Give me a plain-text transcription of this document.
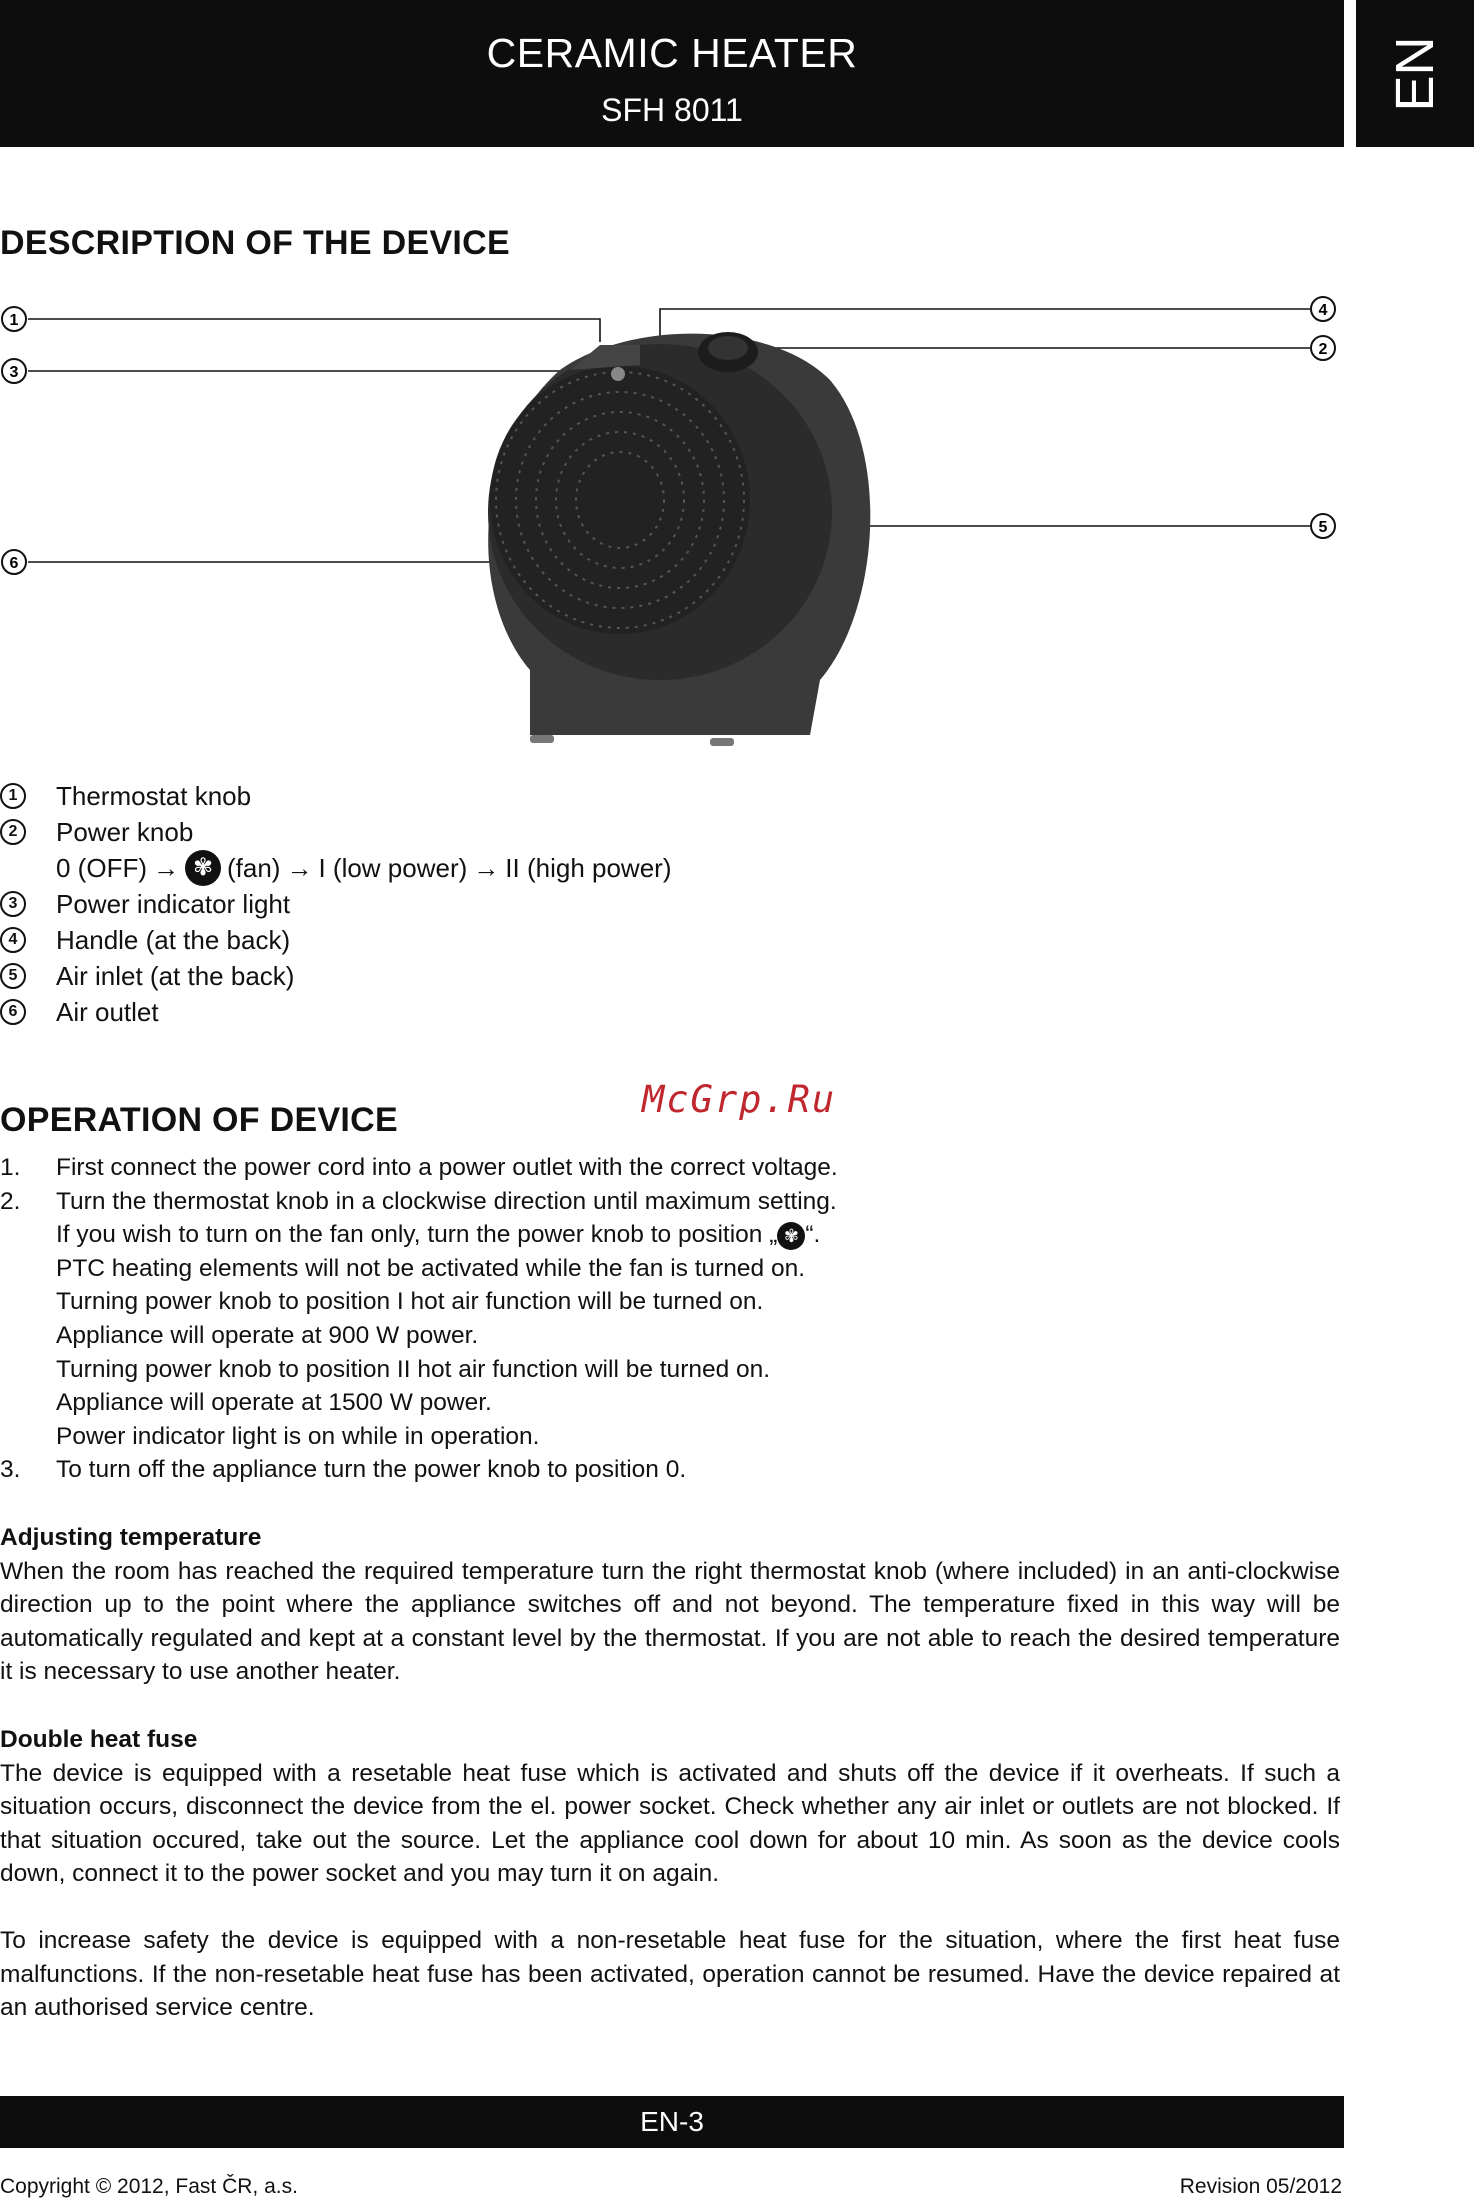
CERAMIC HEATER
SFH 8011	EN
DESCRIPTION OF THE DEVICE
1
3
6
4
2
5
1	Thermostat knob
2	Power knob
0 (OFF) → ✾ (fan) → I (low power) → II (high power)
3	Power indicator light
4	Handle (at the back)
5	Air inlet (at the back)
6	Air outlet
OPERATION OF DEVICE	McGrp.Ru
1.	First connect the power cord into a power outlet with the correct voltage.
2.	Turn the thermostat knob in a clockwise direction until maximum setting.
If you wish to turn on the fan only, turn the power knob to position „ ✾ “.
PTC heating elements will not be activated while the fan is turned on.
Turning power knob to position I hot air function will be turned on.
Appliance will operate at 900 W power.
Turning power knob to position II hot air function will be turned on.
Appliance will operate at 1500 W power.
Power indicator light is on while in operation.
3.	To turn off the appliance turn the power knob to position 0.
Adjusting temperature

When the room has reached the required temperature turn the right thermostat knob (where included) in an anti-clockwise direction up to the point where the appliance switches off and not beyond. The temperature fixed in this way will be automatically regulated and kept at a constant level by the thermostat. If you are not able to reach the desired temperature it is necessary to use another heater.

Double heat fuse

The device is equipped with a resetable heat fuse which is activated and shuts off the device if it overheats. If such a situation occurs, disconnect the device from the el. power socket. Check whether any air inlet or outlets are not blocked. If that situation occured, take out the source. Let the appliance cool down for about 10 min. As soon as the device cools down, connect it to the power socket and you may turn it on again.

To increase safety the device is equipped with a non-resetable heat fuse for the situation, where the first heat fuse malfunctions. If the non-resetable heat fuse has been activated, operation cannot be resumed. Have the device repaired at an authorised service centre.

EN-3
Copyright © 2012, Fast ČR, a.s.	Revision 05/2012
